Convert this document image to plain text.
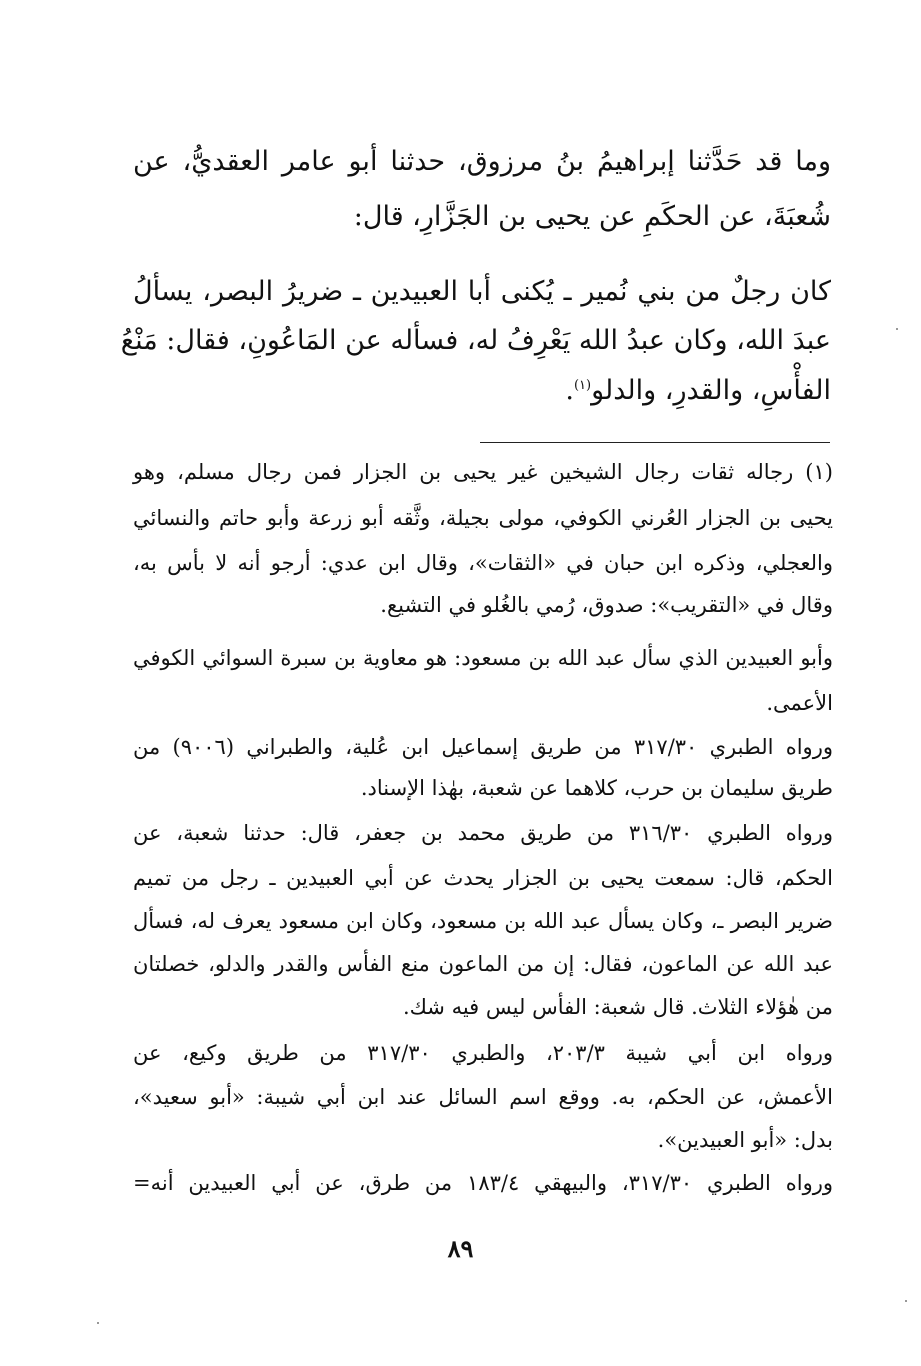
وما قد حَدَّثنا إبراهيمُ بنُ مرزوق، حدثنا أبو عامر العقديُّ، عن
شُعبَةَ، عن الحكَمِ عن يحيى بن الجَزَّارِ، قال:
كان رجلٌ من بني نُمير ـ يُكنى أبا العبيدين ـ ضريرُ البصر، يسألُ
عبدَ الله، وكان عبدُ الله يَعْرِفُ له، فسأله عن المَاعُونِ، فقال: مَنْعُ
الفأْسِ، والقدرِ، والدلو$^{(١)}$.
(١) رجاله ثقات رجال الشيخين غير يحيى بن الجزار فمن رجال مسلم، وهو
يحيى بن الجزار العُرني الكوفي، مولى بجيلة، وثَّقه أبو زرعة وأبو حاتم والنسائي
والعجلي، وذكره ابن حبان في «الثقات»، وقال ابن عدي: أرجو أنه لا بأس به،
وقال في «التقريب»: صدوق، رُمي بالغُلو في التشيع.
وأبو العبيدين الذي سأل عبد الله بن مسعود: هو معاوية بن سبرة السوائي الكوفي
الأعمى.
ورواه الطبري ٣١٧/٣٠ من طريق إسماعيل ابن عُلية، والطبراني (٩٠٠٦) من
طريق سليمان بن حرب، كلاهما عن شعبة، بهٰذا الإسناد.
ورواه الطبري ٣١٦/٣٠ من طريق محمد بن جعفر، قال: حدثنا شعبة، عن
الحكم، قال: سمعت يحيى بن الجزار يحدث عن أبي العبيدين ـ رجل من تميم
ضرير البصر ـ، وكان يسأل عبد الله بن مسعود، وكان ابن مسعود يعرف له، فسأل
عبد الله عن الماعون، فقال: إن من الماعون منع الفأس والقدر والدلو، خصلتان
من هٰؤلاء الثلاث. قال شعبة: الفأس ليس فيه شك.
ورواه ابن أبي شيبة ٢٠٣/٣، والطبري ٣١٧/٣٠ من طريق وكيع، عن
الأعمش، عن الحكم، به. ووقع اسم السائل عند ابن أبي شيبة: «أبو سعيد»،
بدل: «أبو العبيدين».
ورواه الطبري ٣١٧/٣٠، والبيهقي ١٨٣/٤ من طرق، عن أبي العبيدين أنه=
٨٩
